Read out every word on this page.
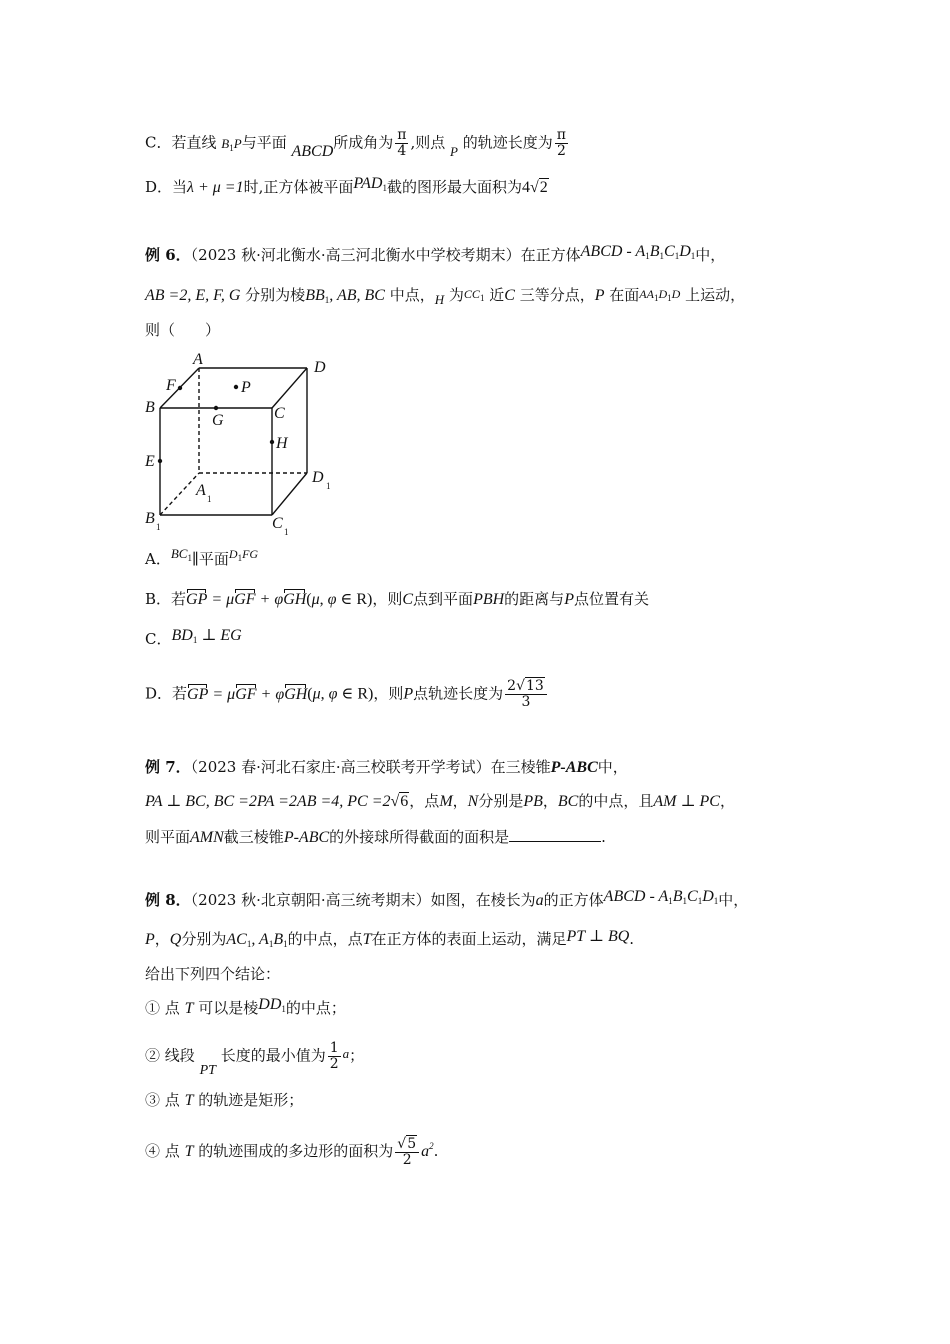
C．若直线 $B_1P$与平面 ABCD所成角为 $\frac{\pi}{4}$ ,则点 P 的轨迹长度为 $\frac{\pi}{2}$
D．当λ + μ =1时,正方体被平面$PAD_1$截的图形最大面积为4√2
例 6．（2023 秋·河北衡水·高三河北衡水中学校考期末）在正方体ABCD - $A_1B_1C_1D_1$中，
AB =2, E, F, G 分别为棱$BB_1$, AB, BC 中点，H 为$CC_1$ 近C 三等分点，P 在面$AA_1D_1D$ 上运动，
则（　　）
A	D
F	P
B
G	C
H
E
D 1
A 1
B 1	C 1
A．$BC_1\parallel$平面$^{D_1FG}$
B．若GP = μGF + φGH(μ, φ ∈ R)，则C点到平面PBH的距离与P点位置有关
C．$BD_1$ ⊥ EG
D．若GP = μGF + φGH(μ, φ ∈ R)，则P点轨迹长度为 $\frac{2√13}{3}$
例 7．（2023 春·河北石家庄·高三校联考开学考试）在三棱锥P-ABC中，
PA ⊥ BC, BC =2PA =2AB =4, PC =2√6，点M，N分别是PB，BC的中点，且AM ⊥ PC，
则平面AMN截三棱锥P-ABC的外接球所得截面的面积是	.
例 8．（2023 秋·北京朝阳·高三统考期末）如图，在棱长为a的正方体ABCD - $A_1B_1C_1D_1$中，
P，Q分别为$AC_1$, $A_1B_1$的中点，点T在正方体的表面上运动，满足PT ⊥ BQ.
给出下列四个结论：
① 点 T 可以是棱$DD_1$的中点；
② 线段 PT 长度的最小值为 $\frac{1}{2}$ a；
③ 点 T 的轨迹是矩形；
④ 点 T 的轨迹围成的多边形的面积为 $\frac{√5}{2} a^2$.
